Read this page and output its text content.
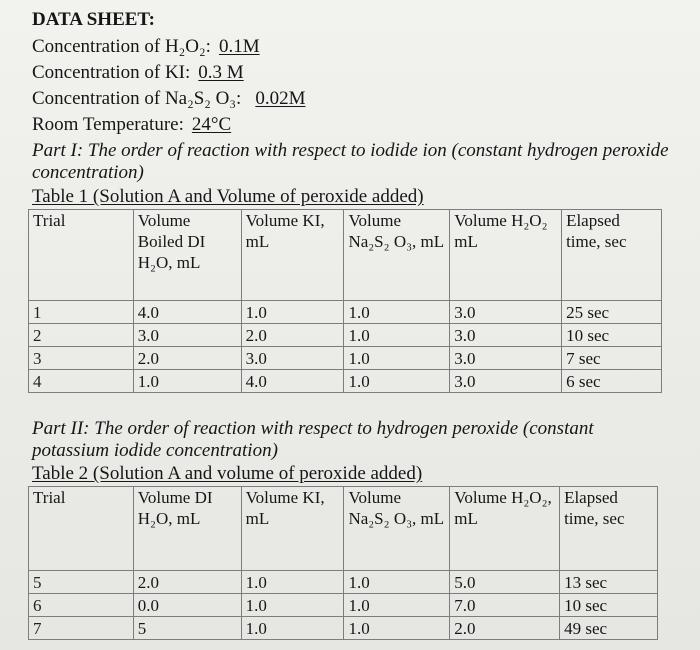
DATA SHEET:
Concentration of H₂O₂: 0.1M
Concentration of KI: 0.3 M
Concentration of Na₂S₂ O₃: 0.02M
Room Temperature: 24°C
Part I: The order of reaction with respect to iodide ion (constant hydrogen peroxide concentration)
Table 1 (Solution A and Volume of peroxide added)
Trial	Volume Boiled DI H₂O, mL	Volume KI, mL	Volume Na₂S₂ O₃, mL	Volume H₂O₂ mL	Elapsed time, sec
1	4.0	1.0	1.0	3.0	25 sec
2	3.0	2.0	1.0	3.0	10 sec
3	2.0	3.0	1.0	3.0	7 sec
4	1.0	4.0	1.0	3.0	6 sec
Part II: The order of reaction with respect to hydrogen peroxide (constant potassium iodide concentration)
Table 2 (Solution A and volume of peroxide added)
Trial	Volume DI H₂O, mL	Volume KI, mL	Volume Na₂S₂ O₃, mL	Volume H₂O₂, mL	Elapsed time, sec
5	2.0	1.0	1.0	5.0	13 sec
6	0.0	1.0	1.0	7.0	10 sec
7	5	1.0	1.0	2.0	49 sec
